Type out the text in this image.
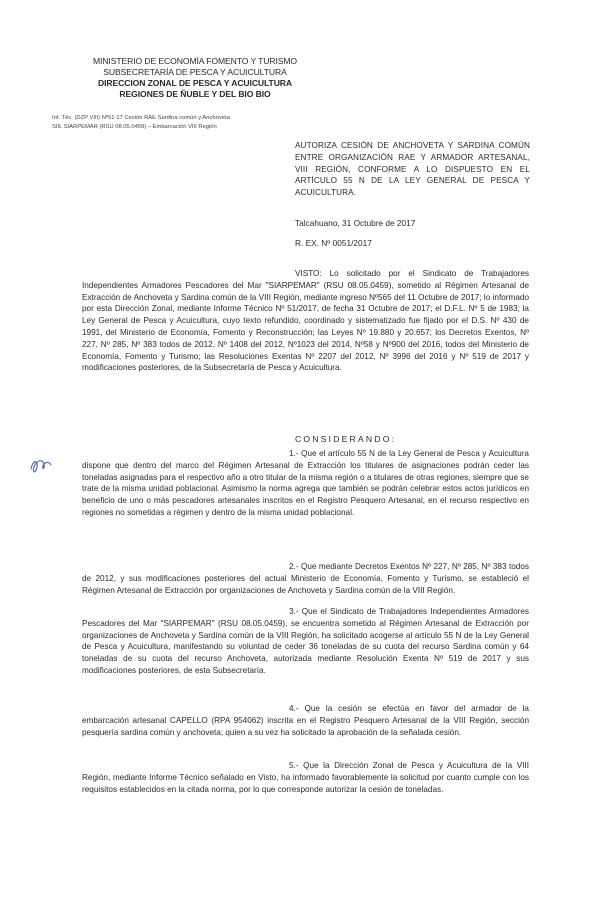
MINISTERIO DE ECONOMÍA FOMENTO Y TURISMO
SUBSECRETARÍA DE PESCA Y ACUICULTURA
DIRECCION ZONAL DE PESCA Y ACUICULTURA
REGIONES DE ÑUBLE Y DEL BIO BIO
Inf. Téc. (DZP VIII) Nº51-17 Cesión RAE Sardina común y Anchoveta
SIIL SIARPEMAR (RSU 08.05.0459) – Embarcación VIII Región
AUTORIZA CESIÓN DE ANCHOVETA Y SARDINA COMÚN ENTRE ORGANIZACIÓN RAE Y ARMADOR ARTESANAL, VIII REGIÓN, CONFORME A LO DISPUESTO EN EL ARTÍCULO 55 N DE LA LEY GENERAL DE PESCA Y ACUICULTURA.
Talcahuano, 31 Octubre de 2017
R. EX. Nº 0051/2017
VISTO: Lo solicitado por el Sindicato de Trabajadores Independientes Armadores Pescadores del Mar "SIARPEMAR" (RSU 08.05.0459), sometido al Régimen Artesanal de Extracción de Anchoveta y Sardina común de la VIII Región, mediante ingreso Nº565 del 11 Octubre de 2017; lo informado por esta Dirección Zonal, mediante Informe Técnico Nº 51/2017, de fecha 31 Octubre de 2017; el D.F.L. Nº 5 de 1983; la Ley General de Pesca y Acuicultura, cuyo texto refundido, coordinado y sistematizado fue fijado por el D.S. Nº 430 de 1991, del Ministerio de Economía, Fomento y Reconstrucción; las Leyes Nº 19.880 y 20.657; los Decretos Exentos, Nº 227, Nº 285, Nº 383 todos de 2012, Nº 1408 del 2012, Nº1023 del 2014, Nº58 y Nº900 del 2016, todos del Ministerio de Economía, Fomento y Turismo; las Resoluciones Exentas Nº 2207 del 2012, Nº 3996 del 2016 y Nº 519 de 2017 y modificaciones posteriores, de la Subsecretaría de Pesca y Acuicultura.
CONSIDERANDO:
1.- Que el artículo 55 N de la Ley General de Pesca y Acuicultura dispone que dentro del marco del Régimen Artesanal de Extracción los titulares de asignaciones podrán ceder las toneladas asignadas para el respectivo año a otro titular de la misma región o a titulares de otras regiones, siempre que se trate de la misma unidad poblacional. Asimismo la norma agrega que también se podrán celebrar estos actos jurídicos en beneficio de uno o más pescadores artesanales inscritos en el Registro Pesquero Artesanal, en el recurso respectivo en regiones no sometidas a régimen y dentro de la misma unidad poblacional.
2.- Que mediante Decretos Exentos Nº 227, Nº 285, Nº 383 todos de 2012, y sus modificaciones posteriores del actual Ministerio de Economía, Fomento y Turismo, se estableció el Régimen Artesanal de Extracción por organizaciones de Anchoveta y Sardina común de la VIII Región.
3.- Que el Sindicato de Trabajadores Independientes Armadores Pescadores del Mar "SIARPEMAR" (RSU 08.05.0459), se encuentra sometido al Régimen Artesanal de Extracción por organizaciones de Anchoveta y Sardina común de la VIII Región, ha solicitado acogerse al artículo 55 N de la Ley General de Pesca y Acuicultura, manifestando su voluntad de ceder 36 toneladas de su cuota del recurso Sardina común y 64 toneladas de su cuota del recurso Anchoveta, autorizada mediante Resolución Exenta Nº 519 de 2017 y sus modificaciones posteriores, de esta Subsecretaría.
4.- Que la cesión se efectúa en favor del armador de la embarcación artesanal CAPELLO (RPA 954062) inscrita en el Registro Pesquero Artesanal de la VIII Región, sección pesquería sardina común y anchoveta; quien a su vez ha solicitado la aprobación de la señalada cesión.
5.- Que la Dirección Zonal de Pesca y Acuicultura de la VIII Región, mediante Informe Técnico señalado en Visto, ha informado favorablemente la solicitud por cuanto cumple con los requisitos establecidos en la citada norma, por lo que corresponde autorizar la cesión de toneladas.
